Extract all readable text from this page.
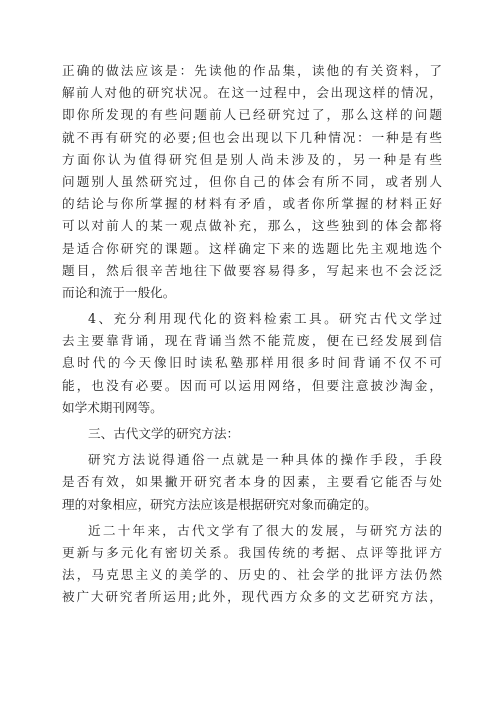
正确的做法应该是：先读他的作品集，读他的有关资料，了
解前人对他的研究状况。在这一过程中，会出现这样的情况，
即你所发现的有些问题前人已经研究过了，那么这样的问题
就不再有研究的必要;但也会出现以下几种情况：一种是有些
方面你认为值得研究但是别人尚未涉及的，另一种是有些
问题别人虽然研究过，但你自己的体会有所不同，或者别人
的结论与你所掌握的材料有矛盾，或者你所掌握的材料正好
可以对前人的某一观点做补充，那么，这些独到的体会都将
是适合你研究的课题。这样确定下来的选题比先主观地选个
题目，然后很辛苦地往下做要容易得多，写起来也不会泛泛
而论和流于一般化。
4、充分利用现代化的资料检索工具。研究古代文学过
去主要靠背诵，现在背诵当然不能荒废，便在已经发展到信
息时代的今天像旧时读私塾那样用很多时间背诵不仅不可
能，也没有必要。因而可以运用网络，但要注意披沙淘金，
如学术期刊网等。
三、古代文学的研究方法：
研究方法说得通俗一点就是一种具体的操作手段，手段
是否有效，如果撇开研究者本身的因素，主要看它能否与处
理的对象相应，研究方法应该是根据研究对象而确定的。
近二十年来，古代文学有了很大的发展，与研究方法的
更新与多元化有密切关系。我国传统的考据、点评等批评方
法，马克思主义的美学的、历史的、社会学的批评方法仍然
被广大研究者所运用;此外，现代西方众多的文艺研究方法，
